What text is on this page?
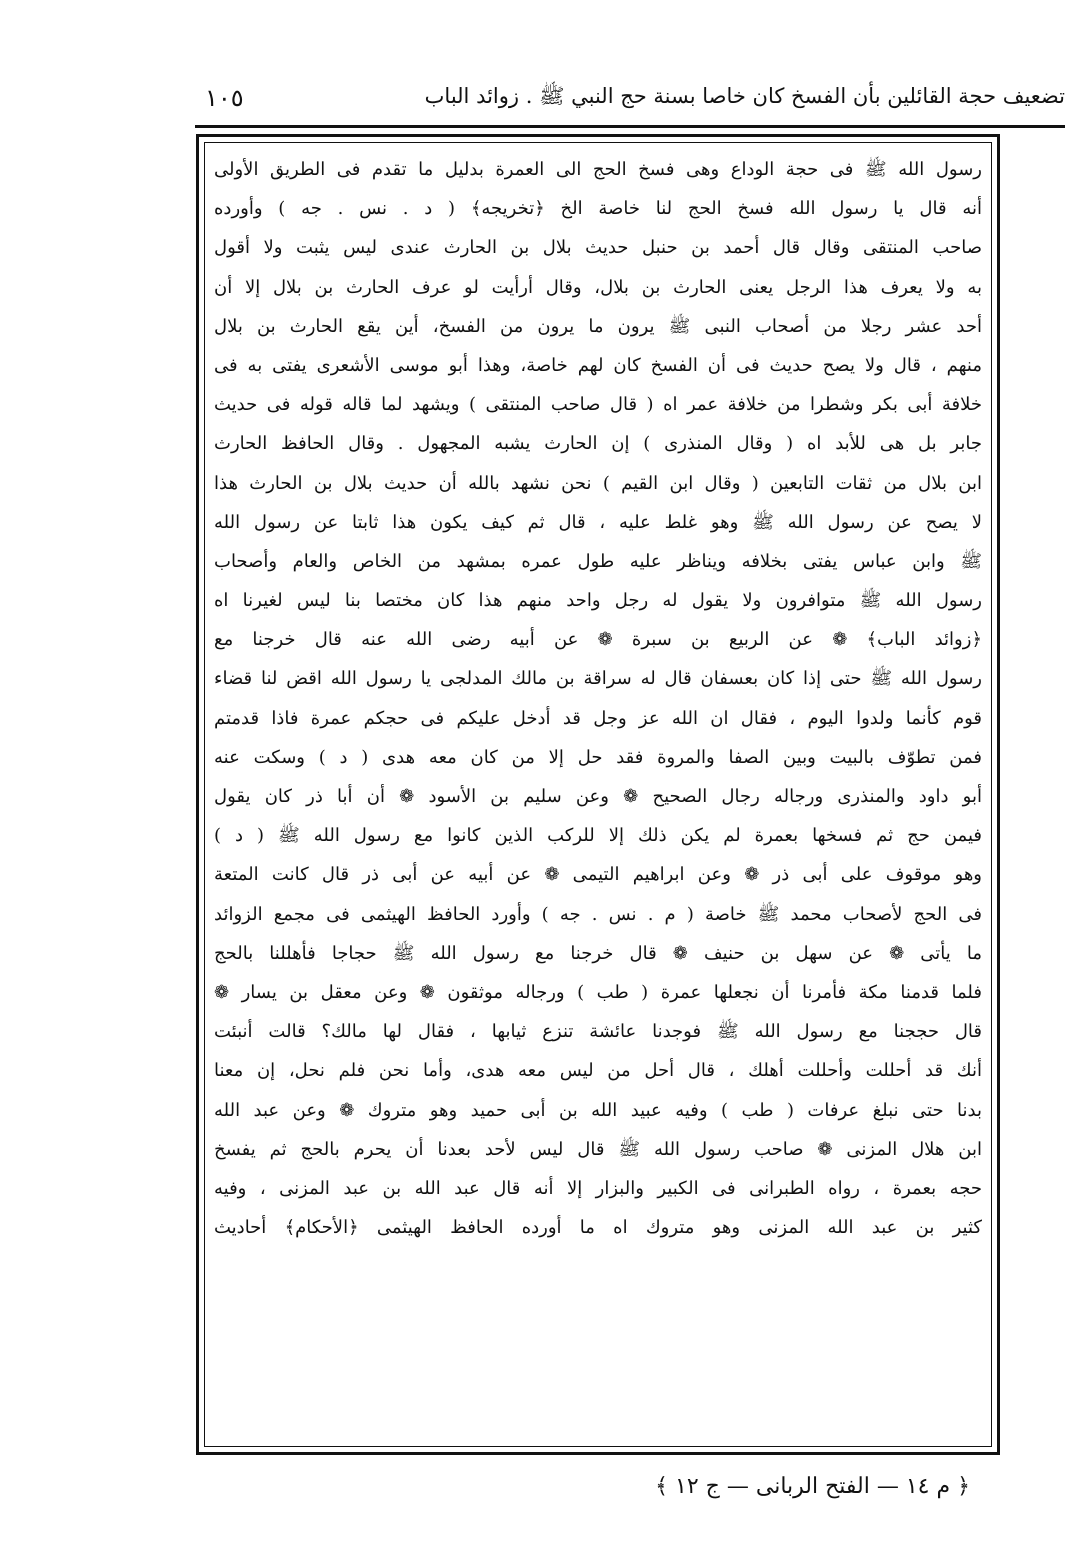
تضعيف حجة القائلين بأن الفسخ كان خاصا بسنة حج النبي ﷺ . زوائد الباب
١٠٥
رسول الله ﷺ فى حجة الوداع وهى فسخ الحج الى العمرة بدليل ما تقدم فى الطريق الأولى
أنه قال يا رسول الله فسخ الحج لنا خاصة الخ ﴿تخريجه﴾ ( د . نس . جه ) وأورده
صاحب المنتقى وقال قال أحمد بن حنبل حديث بلال بن الحارث عندى ليس يثبت ولا أقول
به ولا يعرف هذا الرجل يعنى الحارث بن بلال، وقال أرأيت لو عرف الحارث بن بلال إلا أن
أحد عشر رجلا من أصحاب النبى ﷺ يرون ما يرون من الفسخ، أين يقع الحارث بن بلال
منهم ، قال ولا يصح حديث فى أن الفسخ كان لهم خاصة، وهذا أبو موسى الأشعرى يفتى به فى
خلافة أبى بكر وشطرا من خلافة عمر اه ( قال صاحب المنتقى ) ويشهد لما قاله قوله فى حديث
جابر بل هى للأبد اه ( وقال المنذرى ) إن الحارث يشبه المجهول . وقال الحافظ الحارث
ابن بلال من ثقات التابعين ( وقال ابن القيم ) نحن نشهد بالله أن حديث بلال بن الحارث هذا
لا يصح عن رسول الله ﷺ وهو غلط عليه ، قال ثم كيف يكون هذا ثابتا عن رسول الله
ﷺ وابن عباس يفتى بخلافه ويناظر عليه طول عمره بمشهد من الخاص والعام وأصحاب
رسول الله ﷺ متوافرون ولا يقول له رجل واحد منهم هذا كان مختصا بنا ليس لغيرنا اه
﴿زوائد الباب﴾ ❁ عن الربيع بن سبرة ❁ عن أبيه رضى الله عنه قال خرجنا مع
رسول الله ﷺ حتى إذا كان بعسفان قال له سراقة بن مالك المدلجى يا رسول الله اقض لنا قضاء
قوم كأنما ولدوا اليوم ، فقال ان الله عز وجل قد أدخل عليكم فى حجكم عمرة فاذا قدمتم
فمن تطوّف بالبيت وبين الصفا والمروة فقد حل إلا من كان معه هدى ( د ) وسكت عنه
أبو داود والمنذرى ورجاله رجال الصحيح ❁ وعن سليم بن الأسود ❁ أن أبا ذر كان يقول
فيمن حج ثم فسخها بعمرة لم يكن ذلك إلا للركب الذين كانوا مع رسول الله ﷺ ( د )
وهو موقوف على أبى ذر ❁ وعن ابراهيم التيمى ❁ عن أبيه عن أبى ذر قال كانت المتعة
فى الحج لأصحاب محمد ﷺ خاصة ( م . نس . جه ) وأورد الحافظ الهيثمى فى مجمع الزوائد
ما يأتى ❁ عن سهل بن حنيف ❁ قال خرجنا مع رسول الله ﷺ حجاجا فأهللنا بالحج
فلما قدمنا مكة فأمرنا أن نجعلها عمرة ( طب ) ورجاله موثقون ❁ وعن معقل بن يسار ❁
قال حججنا مع رسول الله ﷺ فوجدنا عائشة تنزع ثيابها ، فقال لها مالك؟ قالت أنبئت
أنك قد أحللت وأحللت أهلك ، قال أحل من ليس معه هدى، وأما نحن فلم نحل، إن معنا
بدنا حتى نبلغ عرفات ( طب ) وفيه عبيد الله بن أبى حميد وهو متروك ❁ وعن عبد الله
ابن هلال المزنى ❁ صاحب رسول الله ﷺ قال ليس لأحد بعدنا أن يحرم بالحج ثم يفسخ
حجه بعمرة ، رواه الطبرانى فى الكبير والبزار إلا أنه قال عبد الله بن عبد المزنى ، وفيه
كثير بن عبد الله المزنى وهو متروك اه ما أورده الحافظ الهيثمى ﴿الأحكام﴾ أحاديث
﴿ م ١٤ — الفتح الربانى — ج ١٢ ﴾
